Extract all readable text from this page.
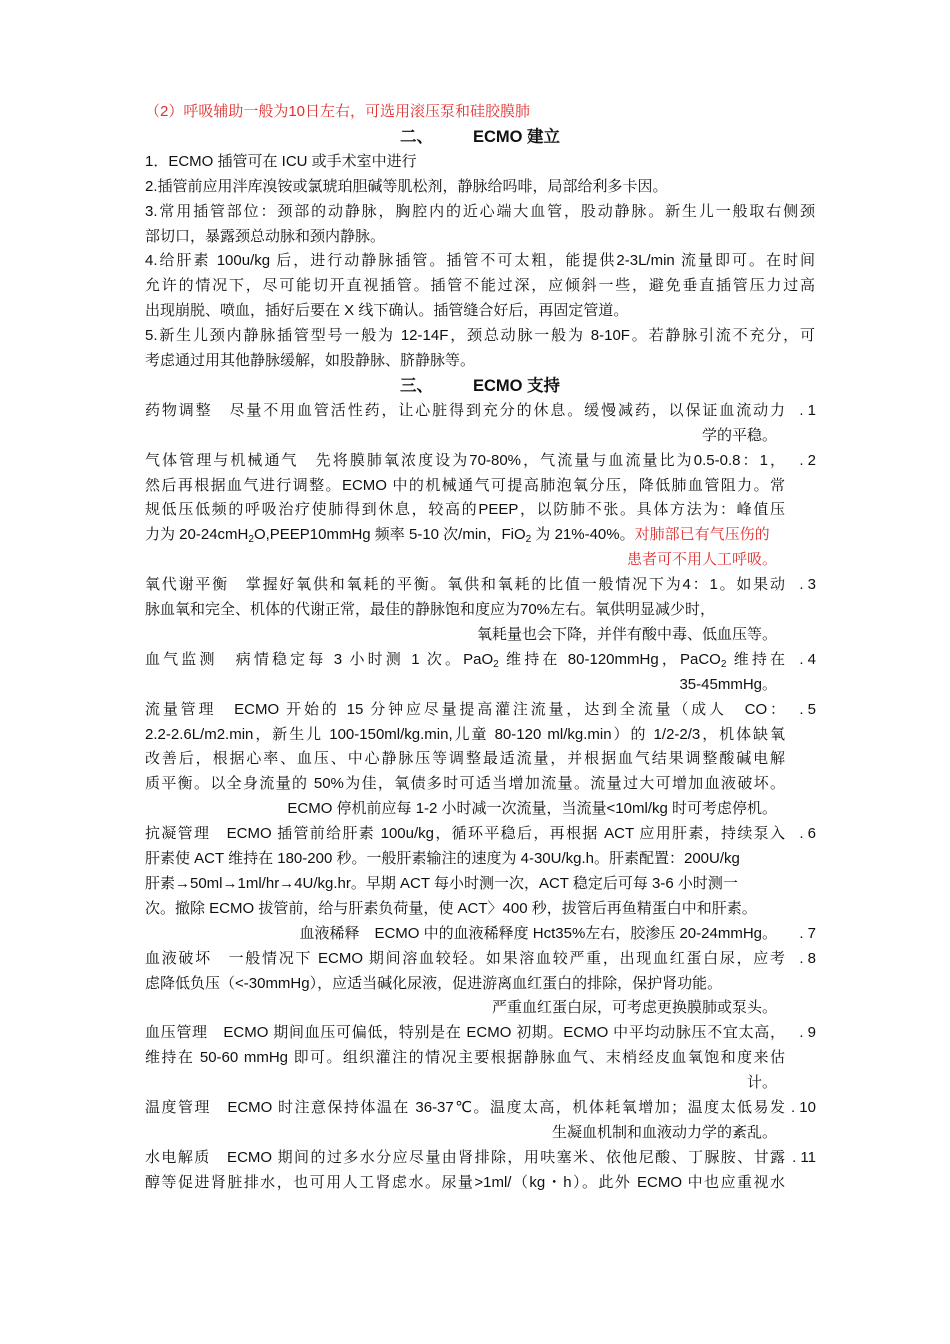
（2）呼吸辅助一般为10日左右，可选用滚压泵和硅胶膜肺
二、 ECMO 建立
1．ECMO 插管可在 ICU 或手术室中进行
2.插管前应用泮库溴铵或氯琥珀胆碱等肌松剂，静脉给吗啡，局部给利多卡因。
3.常用插管部位：颈部的动静脉，胸腔内的近心端大血管，股动静脉。新生儿一般取右侧颈
部切口，暴露颈总动脉和颈内静脉。
4.给肝素 100u/kg 后，进行动静脉插管。插管不可太粗，能提供2-3L/min 流量即可。在时间
允许的情况下，尽可能切开直视插管。插管不能过深，应倾斜一些，避免垂直插管压力过高
出现崩脱、喷血，插好后要在 X 线下确认。插管缝合好后，再固定管道。
5.新生儿颈内静脉插管型号一般为 12-14F，颈总动脉一般为 8-10F。若静脉引流不充分，可
考虑通过用其他静脉缓解，如股静脉、脐静脉等。
三、 ECMO 支持
药物调整　尽量不用血管活性药，让心脏得到充分的休息。缓慢减药，以保证血流动力 . 1
学的平稳。
气体管理与机械通气　先将膜肺氧浓度设为70-80%，气流量与血流量比为0.5-0.8：1， . 2
然后再根据血气进行调整。ECMO 中的机械通气可提高肺泡氧分压，降低肺血管阻力。常
规低压低频的呼吸治疗使肺得到休息，较高的PEEP，以防肺不张。具体方法为：峰值压
力为 20-24cmH$_2$O,PEEP10mmHg 频率 5-10 次/min，FiO$_2$ 为 21%-40%。对肺部已有气压伤的
患者可不用人工呼吸。
氧代谢平衡　掌握好氧供和氧耗的平衡。氧供和氧耗的比值一般情况下为4：1。如果动 . 3
脉血氧和完全、机体的代谢正常，最佳的静脉饱和度应为70%左右。氧供明显减少时，
氧耗量也会下降，并伴有酸中毒、低血压等。
血气监测　病情稳定每 3 小时测 1 次。PaO$_2$ 维持在 80-120mmHg，PaCO$_2$ 维持在 . 4
35-45mmHg。
流量管理　ECMO 开始的 15 分钟应尽量提高灌注流量，达到全流量（成人　CO： . 5
2.2-2.6L/m2.min，新生儿 100-150ml/kg.min,儿童 80-120 ml/kg.min）的 1/2-2/3，机体缺氧
改善后，根据心率、血压、中心静脉压等调整最适流量，并根据血气结果调整酸碱电解
质平衡。以全身流量的 50%为佳，氧债多时可适当增加流量。流量过大可增加血液破坏。
ECMO 停机前应每 1-2 小时减一次流量，当流量<10ml/kg 时可考虑停机。
抗凝管理　ECMO 插管前给肝素 100u/kg，循环平稳后，再根据 ACT 应用肝素，持续泵入 . 6
肝素使 ACT 维持在 180-200 秒。一般肝素输注的速度为 4-30U/kg.h。肝素配置：200U/kg
肝素→50ml→1ml/hr→4U/kg.hr。早期 ACT 每小时测一次，ACT 稳定后可每 3-6 小时测一
次。撤除 ECMO 拔管前，给与肝素负荷量，使 ACT〉400 秒，拔管后再鱼精蛋白中和肝素。
血液稀释　ECMO 中的血液稀释度 Hct35%左右，胶渗压 20-24mmHg。	. 7
血液破坏　一般情况下 ECMO 期间溶血较轻。如果溶血较严重，出现血红蛋白尿，应考 . 8
虑降低负压（<-30mmHg），应适当碱化尿液，促进游离血红蛋白的排除，保护肾功能。
严重血红蛋白尿，可考虑更换膜肺或泵头。
血压管理　ECMO 期间血压可偏低，特别是在 ECMO 初期。ECMO 中平均动脉压不宜太高， . 9
维持在 50-60 mmHg 即可。组织灌注的情况主要根据静脉血气、末梢经皮血氧饱和度来估
计。
温度管理　ECMO 时注意保持体温在 36-37℃。温度太高，机体耗氧增加；温度太低易发 . 10
生凝血机制和血液动力学的紊乱。
水电解质　ECMO 期间的过多水分应尽量由肾排除，用呋塞米、依他尼酸、丁脲胺、甘露 . 11
醇等促进肾脏排水，也可用人工肾虑水。尿量>1ml/（kg・h）。此外 ECMO 中也应重视水
